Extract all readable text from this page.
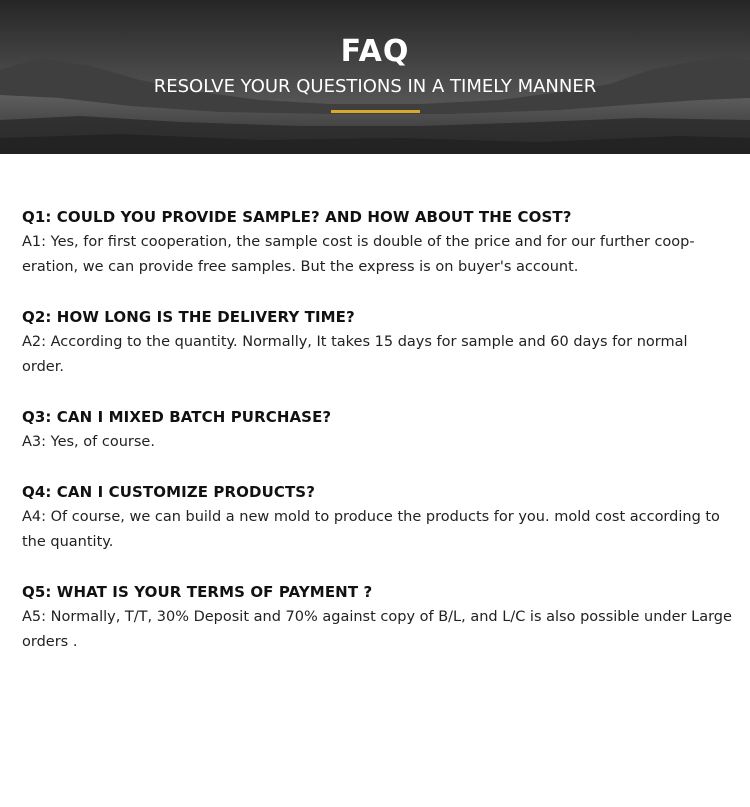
FAQ
RESOLVE YOUR QUESTIONS IN A TIMELY MANNER
Q1: COULD YOU PROVIDE SAMPLE? AND HOW ABOUT THE COST?
A1: Yes, for first cooperation, the sample cost is double of the price and for our further coop-eration, we can provide free samples. But the express is on buyer's account.
Q2: HOW LONG IS THE DELIVERY TIME?
A2: According to the quantity. Normally, It takes 15 days for sample and 60 days for normal order.
Q3: CAN I MIXED BATCH PURCHASE?
A3: Yes, of course.
Q4: CAN I CUSTOMIZE PRODUCTS?
A4: Of course, we can build a new mold to produce the products for you. mold cost according to the quantity.
Q5: WHAT IS YOUR TERMS OF PAYMENT ?
A5: Normally, T/T, 30% Deposit and 70% against copy of B/L, and L/C is also possible under Large orders .
